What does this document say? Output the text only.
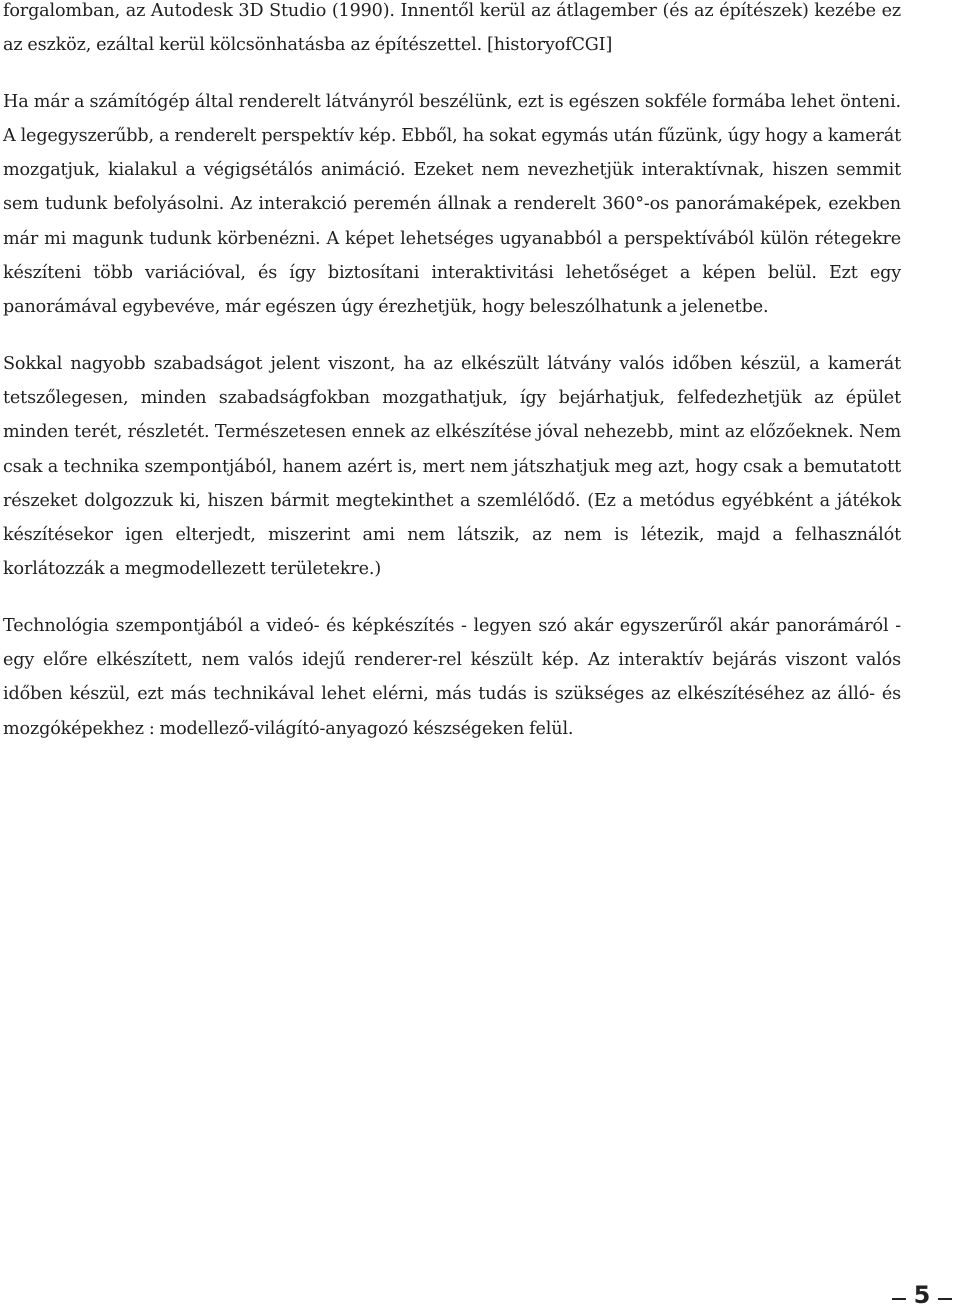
forgalomban, az Autodesk 3D Studio (1990). Innentől kerül az átlagember (és az építészek) kezébe ez az eszköz, ezáltal kerül kölcsönhatásba az építészettel. [historyofCGI]

Ha már a számítógép által renderelt látványról beszélünk, ezt is egészen sokféle formába lehet önteni. A legegyszerűbb, a renderelt perspektív kép. Ebből, ha sokat egymás után fűzünk, úgy hogy a kamerát mozgatjuk, kialakul a végigsétálós animáció. Ezeket nem nevezhetjük interaktívnak, hiszen semmit sem tudunk befolyásolni. Az interakció peremén állnak a renderelt 360°-os panorámaképek, ezekben már mi magunk tudunk körbenézni. A képet lehetséges ugyanabból a perspektívából külön rétegekre készíteni több variációval, és így biztosítani interaktivitási lehetőséget a képen belül. Ezt egy panorámával egybevéve, már egészen úgy érezhetjük, hogy beleszólhatunk a jelenetbe.

Sokkal nagyobb szabadságot jelent viszont, ha az elkészült látvány valós időben készül, a kamerát tetszőlegesen, minden szabadságfokban mozgathatjuk, így bejárhatjuk, felfedezhetjük az épület minden terét, részletét. Természetesen ennek az elkészítése jóval nehezebb, mint az előzőeknek. Nem csak a technika szempontjából, hanem azért is, mert nem játszhatjuk meg azt, hogy csak a bemutatott részeket dolgozzuk ki, hiszen bármit megtekinthet a szemlélődő. (Ez a metódus egyébként a játékok készítésekor igen elterjedt, miszerint ami nem látszik, az nem is létezik, majd a felhasználót korlátozzák a megmodellezett területekre.)

Technológia szempontjából a videó- és képkészítés - legyen szó akár egyszerűről akár panorámáról - egy előre elkészített, nem valós idejű renderer-rel készült kép. Az interaktív bejárás viszont valós időben készül, ezt más technikával lehet elérni, más tudás is szükséges az elkészítéséhez az álló- és mozgóképekhez : modellező-világító-anyagozó készségeken felül.

5
